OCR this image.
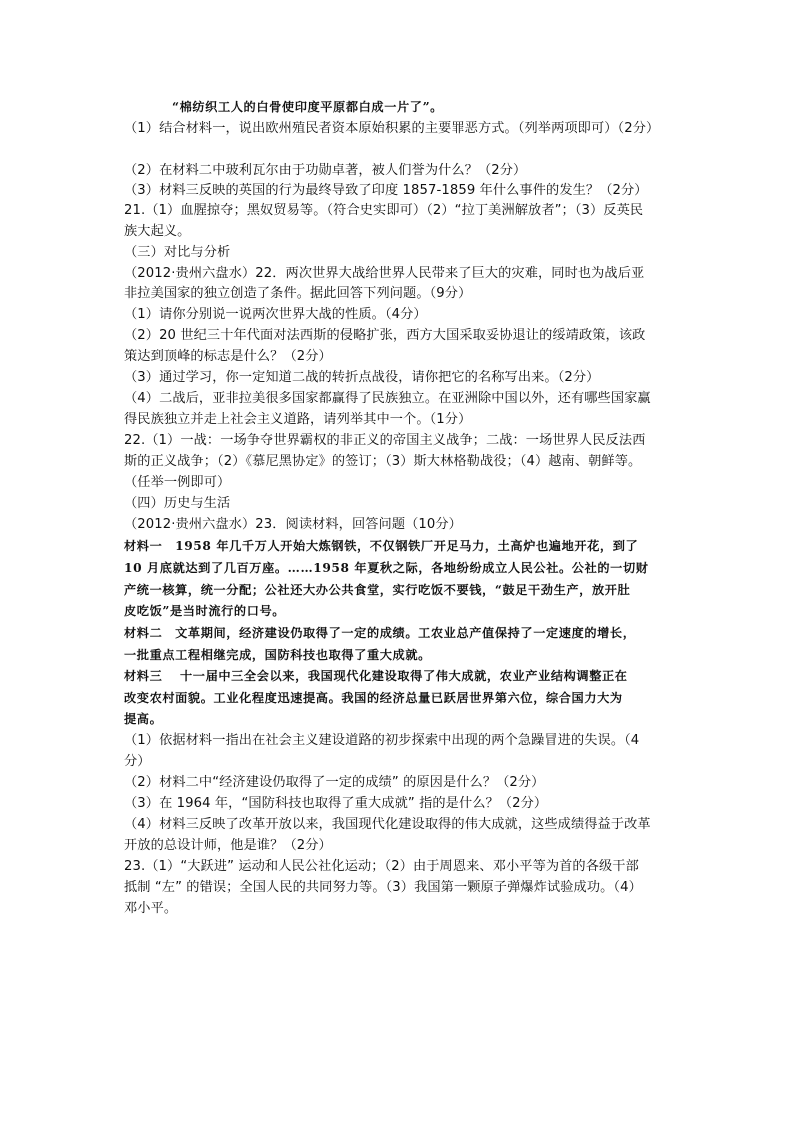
“棉纺织工人的白骨使印度平原都白成一片了”。
（1）结合材料一，说出欧州殖民者资本原始积累的主要罪恶方式。（列举两项即可）（2分）
（2）在材料二中玻利瓦尔由于功勋卓著，被人们誉为什么？（2分）
（3）材料三反映的英国的行为最终导致了印度 1857-1859 年什么事件的发生？（2分）
21.（1）血腥掠夺；黑奴贸易等。（符合史实即可）（2）“拉丁美洲解放者”；（3）反英民
族大起义。
（三）对比与分析
（2012·贵州六盘水）22．两次世界大战给世界人民带来了巨大的灾难，同时也为战后亚
非拉美国家的独立创造了条件。据此回答下列问题。（9分）
（1）请你分别说一说两次世界大战的性质。（4分）
（2）20 世纪三十年代面对法西斯的侵略扩张，西方大国采取妥协退让的绥靖政策，该政
策达到顶峰的标志是什么？（2分）
（3）通过学习，你一定知道二战的转折点战役，请你把它的名称写出来。（2分）
（4）二战后，亚非拉美很多国家都赢得了民族独立。在亚洲除中国以外，还有哪些国家赢
得民族独立并走上社会主义道路，请列举其中一个。（1分）
22.（1）一战：一场争夺世界霸权的非正义的帝国主义战争；二战：一场世界人民反法西
斯的正义战争；（2）《慕尼黑协定》的签订；（3）斯大林格勒战役；（4）越南、朝鲜等。
（任举一例即可）
（四）历史与生活
（2012·贵州六盘水）23．阅读材料，回答问题（10分）
材料一　1958 年几千万人开始大炼钢铁，不仅钢铁厂开足马力，土高炉也遍地开花，到了
10 月底就达到了几百万座。……1958 年夏秋之际，各地纷纷成立人民公社。公社的一切财
产统一核算，统一分配；公社还大办公共食堂，实行吃饭不要钱，“鼓足干劲生产，放开肚
皮吃饭”是当时流行的口号。
材料二　文革期间，经济建设仍取得了一定的成绩。工农业总产值保持了一定速度的增长，
一批重点工程相继完成，国防科技也取得了重大成就。
材料三　 十一届中三全会以来，我国现代化建设取得了伟大成就，农业产业结构调整正在
改变农村面貌。工业化程度迅速提高。我国的经济总量已跃居世界第六位，综合国力大为
提高。
（1）依据材料一指出在社会主义建设道路的初步探索中出现的两个急躁冒进的失误。（4
分）
（2）材料二中“经济建设仍取得了一定的成绩” 的原因是什么？（2分）
（3）在 1964 年，“国防科技也取得了重大成就” 指的是什么？（2分）
（4）材料三反映了改革开放以来，我国现代化建设取得的伟大成就，这些成绩得益于改革
开放的总设计师，他是谁？（2分）
23.（1）“大跃进” 运动和人民公社化运动；（2）由于周恩来、邓小平等为首的各级干部
抵制 “左” 的错误；全国人民的共同努力等。（3）我国第一颗原子弹爆炸试验成功。（4）
邓小平。
